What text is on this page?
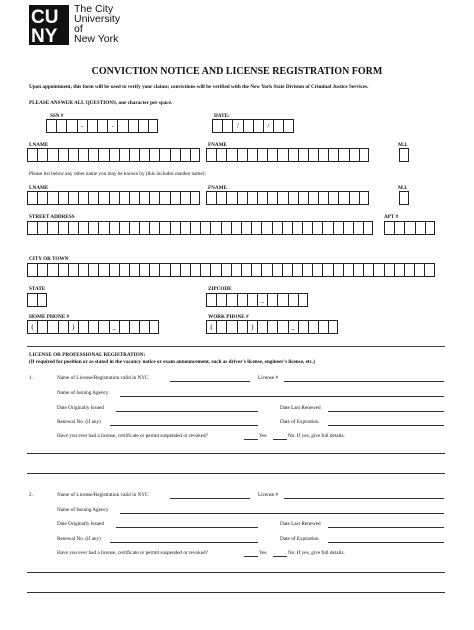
CU
NY
The City
University
of
New York
CONVICTION NOTICE AND LICENSE REGISTRATION FORM
Upon appointment, this form will be used to verify your claims; convictions will be verified with the New York State Division of Criminal Justice Services.
PLEASE ANSWER ALL QUESTIONS, one character per space.
SSN #
-	-
DATE:
/	/
LNAME	FNAME	M.I.
Please list below any other name you may be known by (this includes maiden name):
LNAME	FNAME	M.I.
STREET ADDRESS	APT #
CITY OR TOWN
STATE	ZIPCODE
_
HOME PHONE #
(	)	_
WORK PHONE #
(	)	_
LICENSE OR PROFESSIONAL REGISTRATION:
(If required for position or as stated in the vacancy notice or exam announcement, such as driver's license, engineer's license, etc.)
1.	Name of License/Registration valid in NYC	License #
Name of Issuing Agency
Date Originally Issued	Date Last Renewed
Renewal No. (if any)	Date of Expiration
Have you ever had a license, certificate or permit suspended or revoked?	Yes	No. If yes, give full details.
2.	Name of License/Registration valid in NYC	License #
Name of Issuing Agency
Date Originally Issued	Date Last Renewed
Renewal No. (if any)	Date of Expiration
Have you ever had a license, certificate or permit suspended or revoked?	Yes	No. If yes, give full details.
